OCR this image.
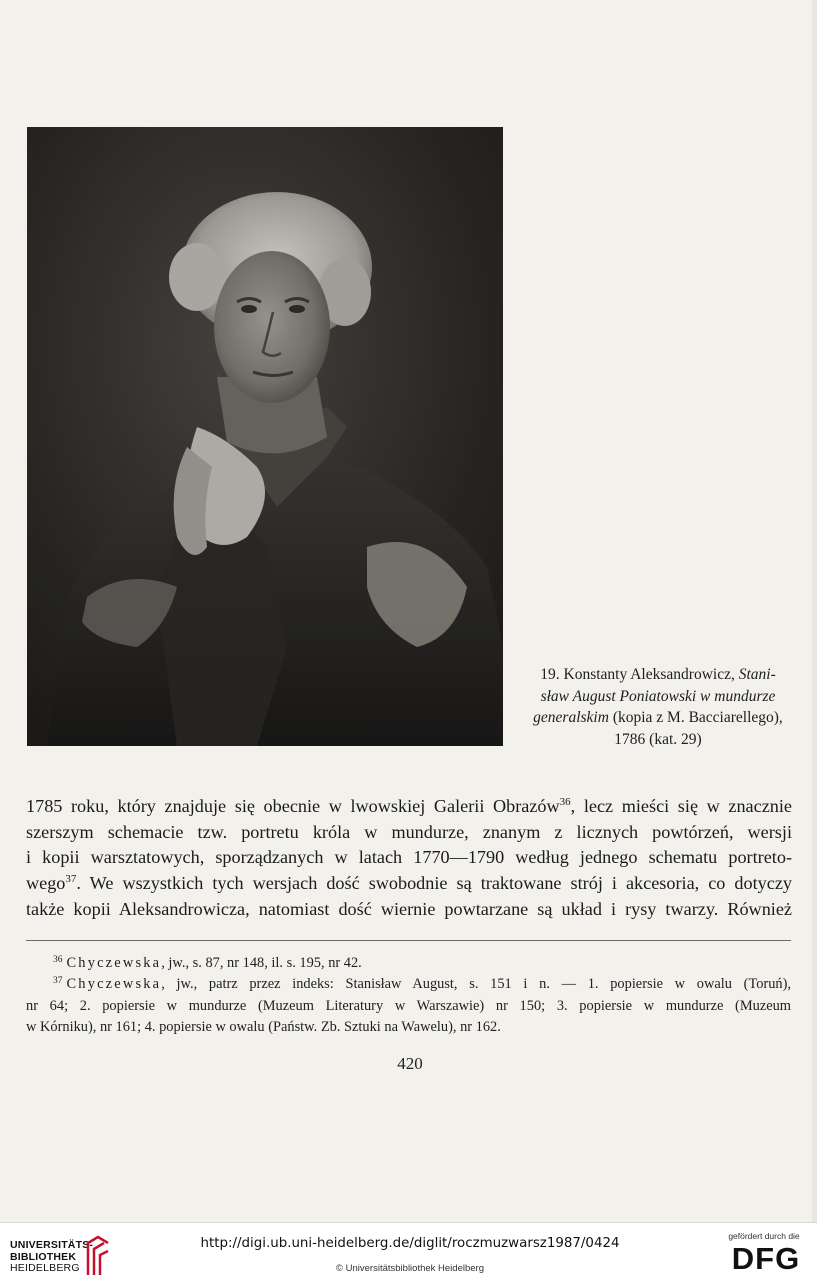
19. Konstanty Aleksandrowicz, Stani-
sław August Poniatowski w mundurze
generalskim (kopia z M. Bacciarellego),
1786 (kat. 29)
1785 roku, który znajduje się obecnie w lwowskiej Galerii Obrazów$^{36}$, lecz mieści się w znacznie
szerszym schemacie tzw. portretu króla w mundurze, znanym z licznych powtórzeń, wersji
i kopii warsztatowych, sporządzanych w latach 1770—1790 według jednego schematu portreto-
wego$^{37}$. We wszystkich tych wersjach dość swobodnie są traktowane strój i akcesoria, co dotyczy
także kopii Aleksandrowicza, natomiast dość wiernie powtarzane są układ i rysy twarzy. Również
$^{36}$ Chyczewska, jw., s. 87, nr 148, il. s. 195, nr 42.
$^{37}$ Chyczewska, jw., patrz przez indeks: Stanisław August, s. 151 i n. — 1. popiersie w owalu (Toruń),
nr 64; 2. popiersie w mundurze (Muzeum Literatury w Warszawie) nr 150; 3. popiersie w mundurze (Muzeum
w Kórniku), nr 161; 4. popiersie w owalu (Państw. Zb. Sztuki na Wawelu), nr 162.
420
UNIVERSITÄTS-
BIBLIOTHEK
HEIDELBERG
http://digi.ub.uni-heidelberg.de/diglit/roczmuzwarsz1987/0424
© Universitätsbibliothek Heidelberg
gefördert durch die
DFG
